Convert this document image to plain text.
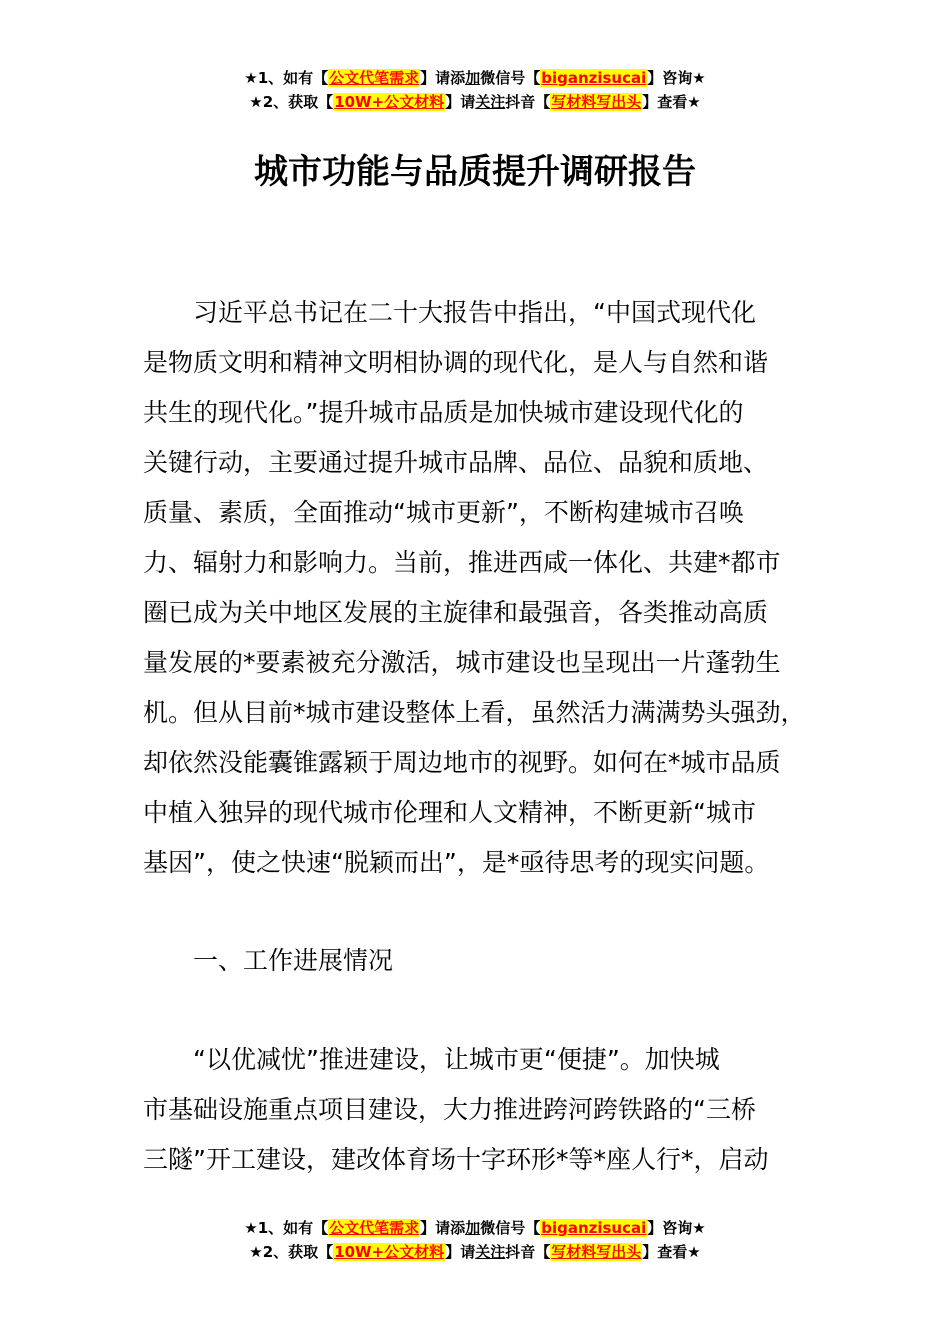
★1、如有【公文代笔需求】请添加微信号【biganzisucai】咨询★
★2、获取【10W+公文材料】请关注抖音【写材料写出头】查看★
城市功能与品质提升调研报告
　　习近平总书记在二十大报告中指出，“中国式现代化
是物质文明和精神文明相协调的现代化，是人与自然和谐
共生的现代化。”提升城市品质是加快城市建设现代化的
关键行动，主要通过提升城市品牌、品位、品貌和质地、
质量、素质，全面推动“城市更新”，不断构建城市召唤
力、辐射力和影响力。当前，推进西咸一体化、共建*都市
圈已成为关中地区发展的主旋律和最强音，各类推动高质
量发展的*要素被充分激活，城市建设也呈现出一片蓬勃生
机。但从目前*城市建设整体上看，虽然活力满满势头强劲，
却依然没能囊锥露颖于周边地市的视野。如何在*城市品质
中植入独异的现代城市伦理和人文精神，不断更新“城市
基因”，使之快速“脱颖而出”，是*亟待思考的现实问题。
　　一、工作进展情况
　　“以优减忧”推进建设，让城市更“便捷”。加快城
市基础设施重点项目建设，大力推进跨河跨铁路的“三桥
三隧”开工建设，建改体育场十字环形*等*座人行*，启动
★1、如有【公文代笔需求】请添加微信号【biganzisucai】咨询★
★2、获取【10W+公文材料】请关注抖音【写材料写出头】查看★
